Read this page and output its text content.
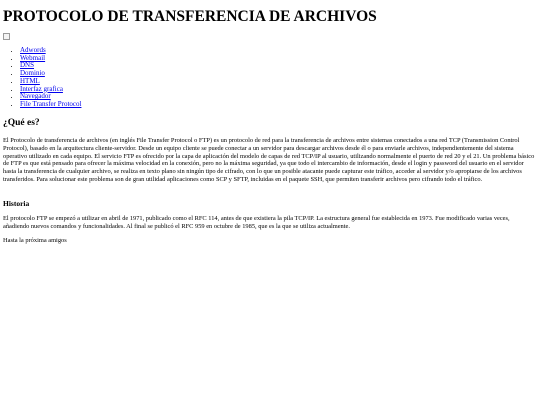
PROTOCOLO DE TRANSFERENCIA DE ARCHIVOS
• Adwords
• Webmail
• DNS
• Dominio
• HTML
• Interfaz grafica
• Navegador
• File Transfer Protocol
¿Qué es?

El Protocolo de transferencia de archivos (en inglés File Transfer Protocol o FTP) es un protocolo de red para la transferencia de archivos entre sistemas conectados a una red TCP (Transmission Control Protocol), basado en la arquitectura cliente-servidor. Desde un equipo cliente se puede conectar a un servidor para descargar archivos desde él o para enviarle archivos, independientemente del sistema operativo utilizado en cada equipo. El servicio FTP es ofrecido por la capa de aplicación del modelo de capas de red TCP/IP al usuario, utilizando normalmente el puerto de red 20 y el 21. Un problema básico de FTP es que está pensado para ofrecer la máxima velocidad en la conexión, pero no la máxima seguridad, ya que todo el intercambio de información, desde el login y password del usuario en el servidor hasta la transferencia de cualquier archivo, se realiza en texto plano sin ningún tipo de cifrado, con lo que un posible atacante puede capturar este tráfico, acceder al servidor y/o apropiarse de los archivos transferidos. Para solucionar este problema son de gran utilidad aplicaciones como SCP y SFTP, incluidas en el paquete SSH, que permiten transferir archivos pero cifrando todo el tráfico.

Historia

El protocolo FTP se empezó a utilizar en abril de 1971, publicado como el RFC 114, antes de que existiera la pila TCP/IP. La estructura general fue establecida en 1973. Fue modificado varias veces, añadiendo nuevos comandos y funcionalidades. Al final se publicó el RFC 959 en octubre de 1985, que es la que se utiliza actualmente.

Hasta la próxima amigos
